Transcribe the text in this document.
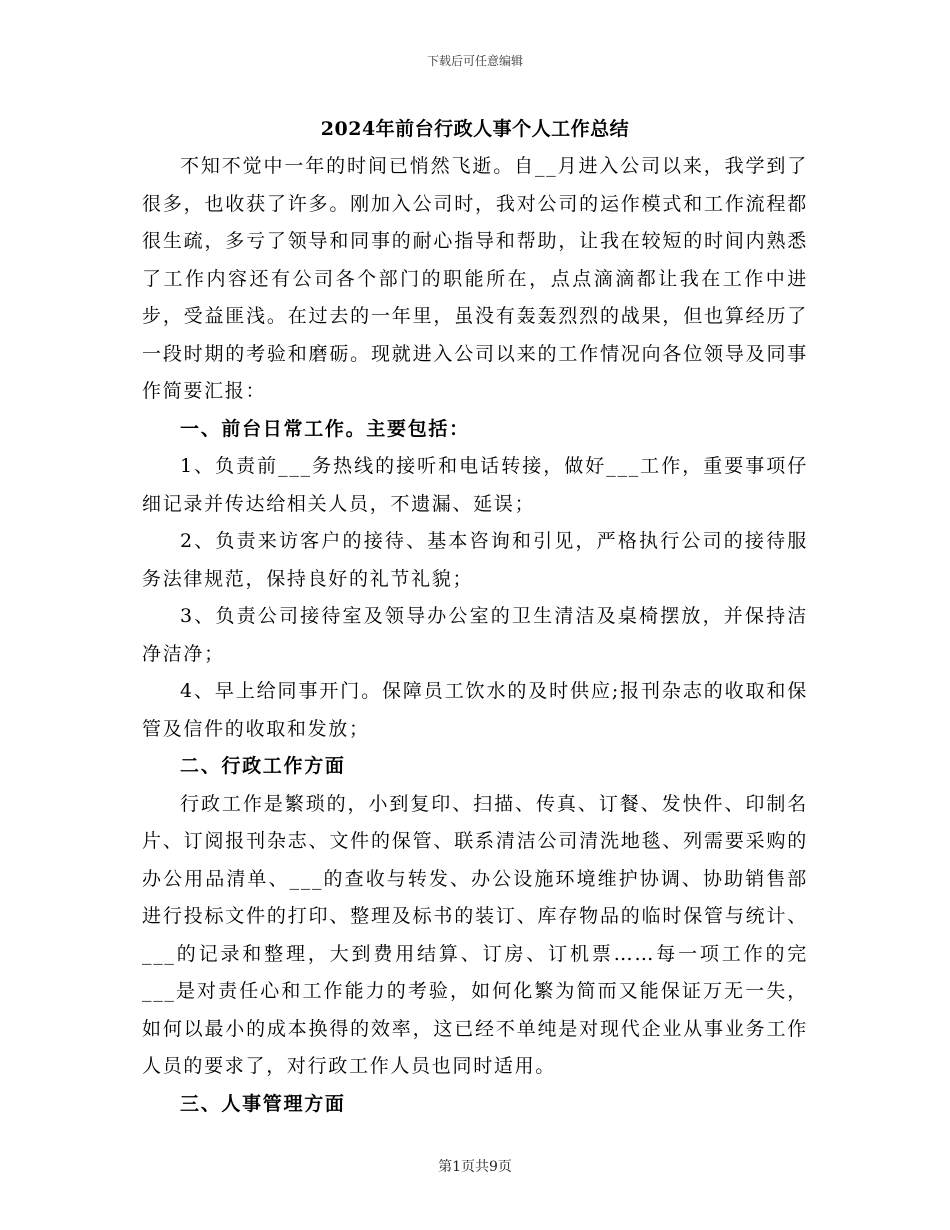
下载后可任意编辑
2024年前台行政人事个人工作总结

不知不觉中一年的时间已悄然飞逝。自__月进入公司以来，我学到了很多，也收获了许多。刚加入公司时，我对公司的运作模式和工作流程都很生疏，多亏了领导和同事的耐心指导和帮助，让我在较短的时间内熟悉了工作内容还有公司各个部门的职能所在，点点滴滴都让我在工作中进步，受益匪浅。在过去的一年里，虽没有轰轰烈烈的战果，但也算经历了一段时期的考验和磨砺。现就进入公司以来的工作情况向各位领导及同事作简要汇报：

一、前台日常工作。主要包括：

1、负责前___务热线的接听和电话转接，做好___工作，重要事项仔细记录并传达给相关人员，不遗漏、延误；

2、负责来访客户的接待、基本咨询和引见，严格执行公司的接待服务法律规范，保持良好的礼节礼貌；

3、负责公司接待室及领导办公室的卫生清洁及桌椅摆放，并保持洁净洁净；

4、早上给同事开门。保障员工饮水的及时供应;报刊杂志的收取和保管及信件的收取和发放；

二、行政工作方面

行政工作是繁琐的，小到复印、扫描、传真、订餐、发快件、印制名片、订阅报刊杂志、文件的保管、联系清洁公司清洗地毯、列需要采购的办公用品清单、___的查收与转发、办公设施环境维护协调、协助销售部进行投标文件的打印、整理及标书的装订、库存物品的临时保管与统计、___的记录和整理，大到费用结算、订房、订机票……每一项工作的完___是对责任心和工作能力的考验，如何化繁为简而又能保证万无一失，如何以最小的成本换得的效率，这已经不单纯是对现代企业从事业务工作人员的要求了，对行政工作人员也同时适用。

三、人事管理方面

第1页共9页
